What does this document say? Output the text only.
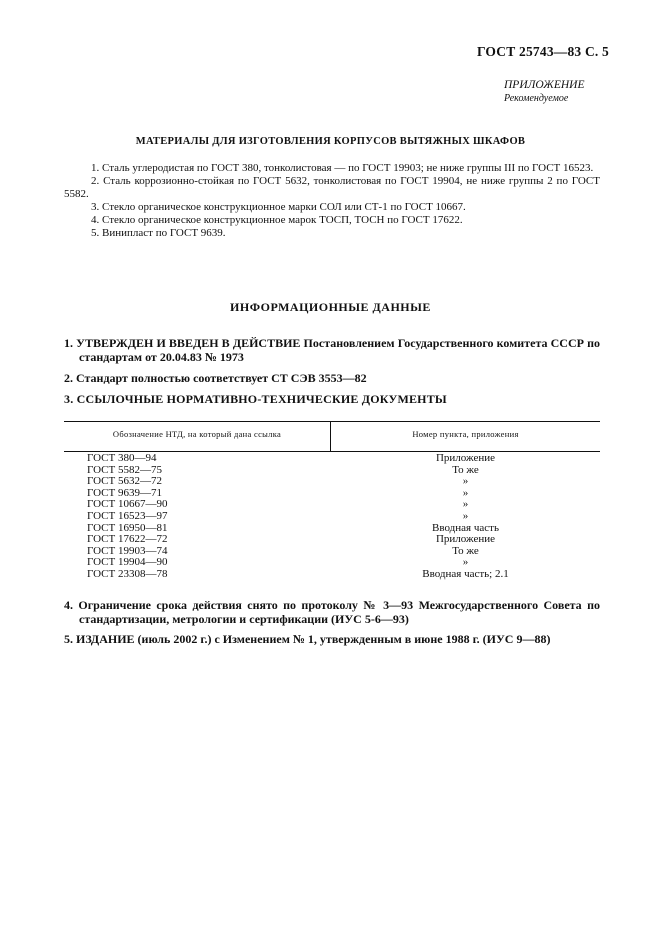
ГОСТ 25743—83 С. 5
ПРИЛОЖЕНИЕ
Рекомендуемое
МАТЕРИАЛЫ ДЛЯ ИЗГОТОВЛЕНИЯ КОРПУСОВ ВЫТЯЖНЫХ ШКАФОВ

1. Сталь углеродистая по ГОСТ 380, тонколистовая — по ГОСТ 19903; не ниже группы III по ГОСТ 16523.

2. Сталь коррозионно-стойкая по ГОСТ 5632, тонколистовая по ГОСТ 19904, не ниже группы 2 по ГОСТ 5582.

3. Стекло органическое конструкционное марки СОЛ или СТ-1 по ГОСТ 10667.

4. Стекло органическое конструкционное марок ТОСП, ТОСН по ГОСТ 17622.

5. Винипласт по ГОСТ 9639.

ИНФОРМАЦИОННЫЕ ДАННЫЕ
1. УТВЕРЖДЕН И ВВЕДЕН В ДЕЙСТВИЕ Постановлением Государственного комитета СССР по стандартам от 20.04.83 № 1973
2. Стандарт полностью соответствует СТ СЭВ 3553—82
3. ССЫЛОЧНЫЕ НОРМАТИВНО-ТЕХНИЧЕСКИЕ ДОКУМЕНТЫ
Обозначение НТД, на который дана ссылка	Номер пункта, приложения
ГОСТ 380—94
ГОСТ 5582—75
ГОСТ 5632—72
ГОСТ 9639—71
ГОСТ 10667—90
ГОСТ 16523—97
ГОСТ 16950—81
ГОСТ 17622—72
ГОСТ 19903—74
ГОСТ 19904—90
ГОСТ 23308—78
Приложение
То же
»
»
»
»
Вводная часть
Приложение
То же
»
Вводная часть; 2.1
4. Ограничение срока действия снято по протоколу № 3—93 Межгосударственного Совета по стандартизации, метрологии и сертификации (ИУС 5-6—93)
5. ИЗДАНИЕ (июль 2002 г.) с Изменением № 1, утвержденным в июне 1988 г. (ИУС 9—88)
